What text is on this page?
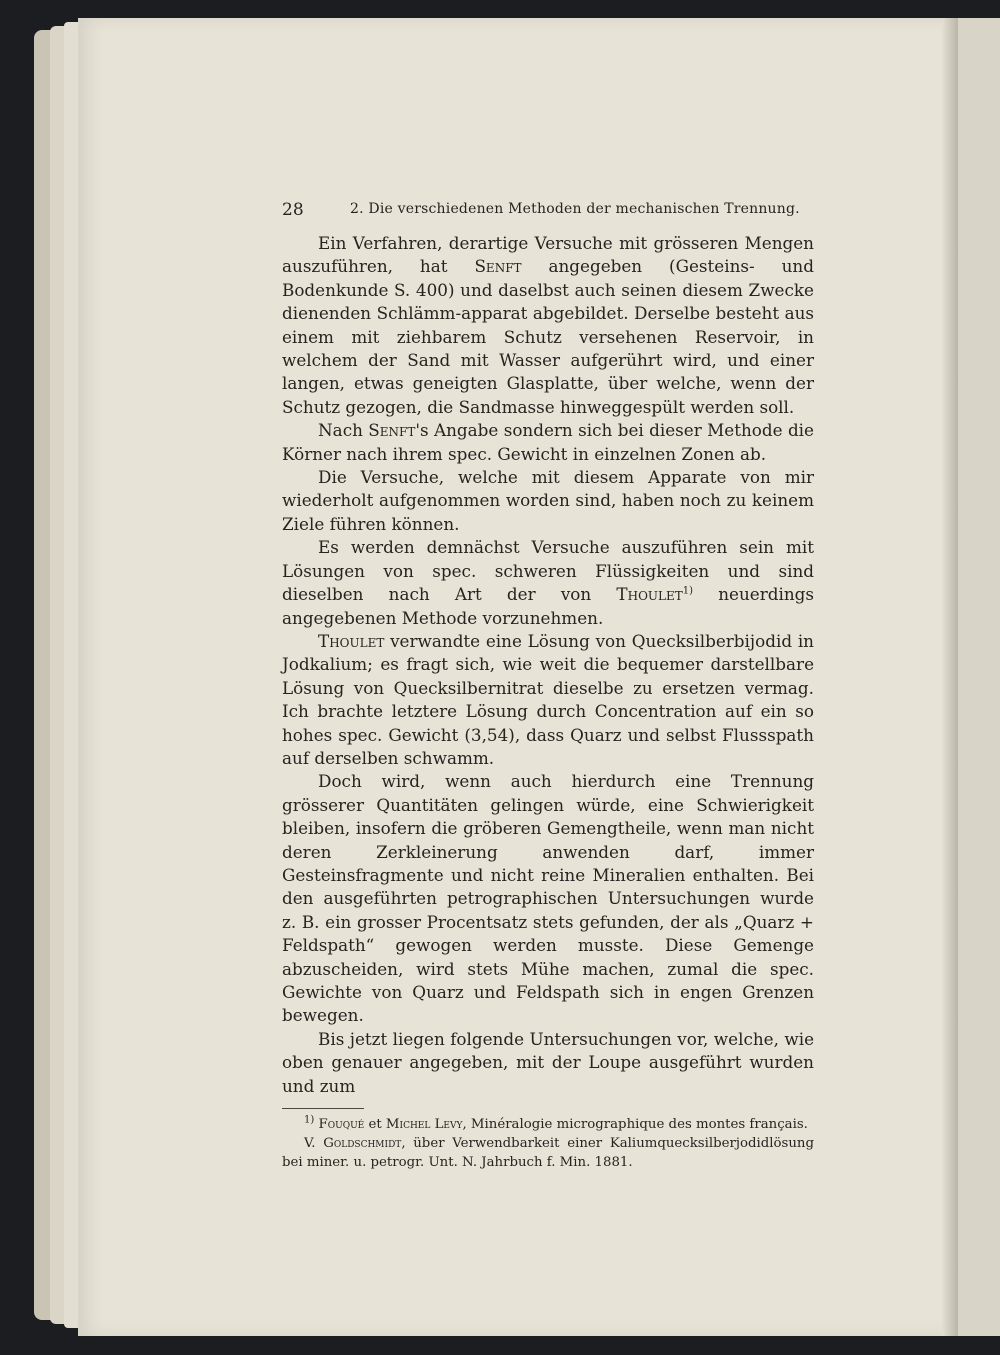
28	2. Die verschiedenen Methoden der mechanischen Trennung.

Ein Verfahren, derartige Versuche mit grösseren Mengen auszuführen, hat Senft angegeben (Gesteins- und Bodenkunde S. 400) und daselbst auch seinen diesem Zwecke dienenden Schlämm-apparat abgebildet. Derselbe besteht aus einem mit ziehbarem Schutz versehenen Reservoir, in welchem der Sand mit Wasser aufgerührt wird, und einer langen, etwas geneigten Glasplatte, über welche, wenn der Schutz gezogen, die Sandmasse hinweggespült werden soll.

Nach Senft's Angabe sondern sich bei dieser Methode die Körner nach ihrem spec. Gewicht in einzelnen Zonen ab.

Die Versuche, welche mit diesem Apparate von mir wiederholt aufgenommen worden sind, haben noch zu keinem Ziele führen können.

Es werden demnächst Versuche auszuführen sein mit Lösungen von spec. schweren Flüssigkeiten und sind dieselben nach Art der von Thoulet$^{1)}$ neuerdings angegebenen Methode vorzunehmen.

Thoulet verwandte eine Lösung von Quecksilberbijodid in Jodkalium; es fragt sich, wie weit die bequemer darstellbare Lösung von Quecksilbernitrat dieselbe zu ersetzen vermag. Ich brachte letztere Lösung durch Concentration auf ein so hohes spec. Gewicht (3,54), dass Quarz und selbst Flussspath auf derselben schwamm.

Doch wird, wenn auch hierdurch eine Trennung grösserer Quantitäten gelingen würde, eine Schwierigkeit bleiben, insofern die gröberen Gemengtheile, wenn man nicht deren Zerkleinerung anwenden darf, immer Gesteinsfragmente und nicht reine Mineralien enthalten. Bei den ausgeführten petrographischen Untersuchungen wurde z. B. ein grosser Procentsatz stets gefunden, der als „Quarz + Feldspath“ gewogen werden musste. Diese Gemenge abzuscheiden, wird stets Mühe machen, zumal die spec. Gewichte von Quarz und Feldspath sich in engen Grenzen bewegen.

Bis jetzt liegen folgende Untersuchungen vor, welche, wie oben genauer angegeben, mit der Loupe ausgeführt wurden und zum

$^{1)}$ Fouqué et Michel Levy, Minéralogie micrographique des montes français.

V. Goldschmidt, über Verwendbarkeit einer Kaliumquecksilberjodidlösung bei miner. u. petrogr. Unt. N. Jahrbuch f. Min. 1881.
